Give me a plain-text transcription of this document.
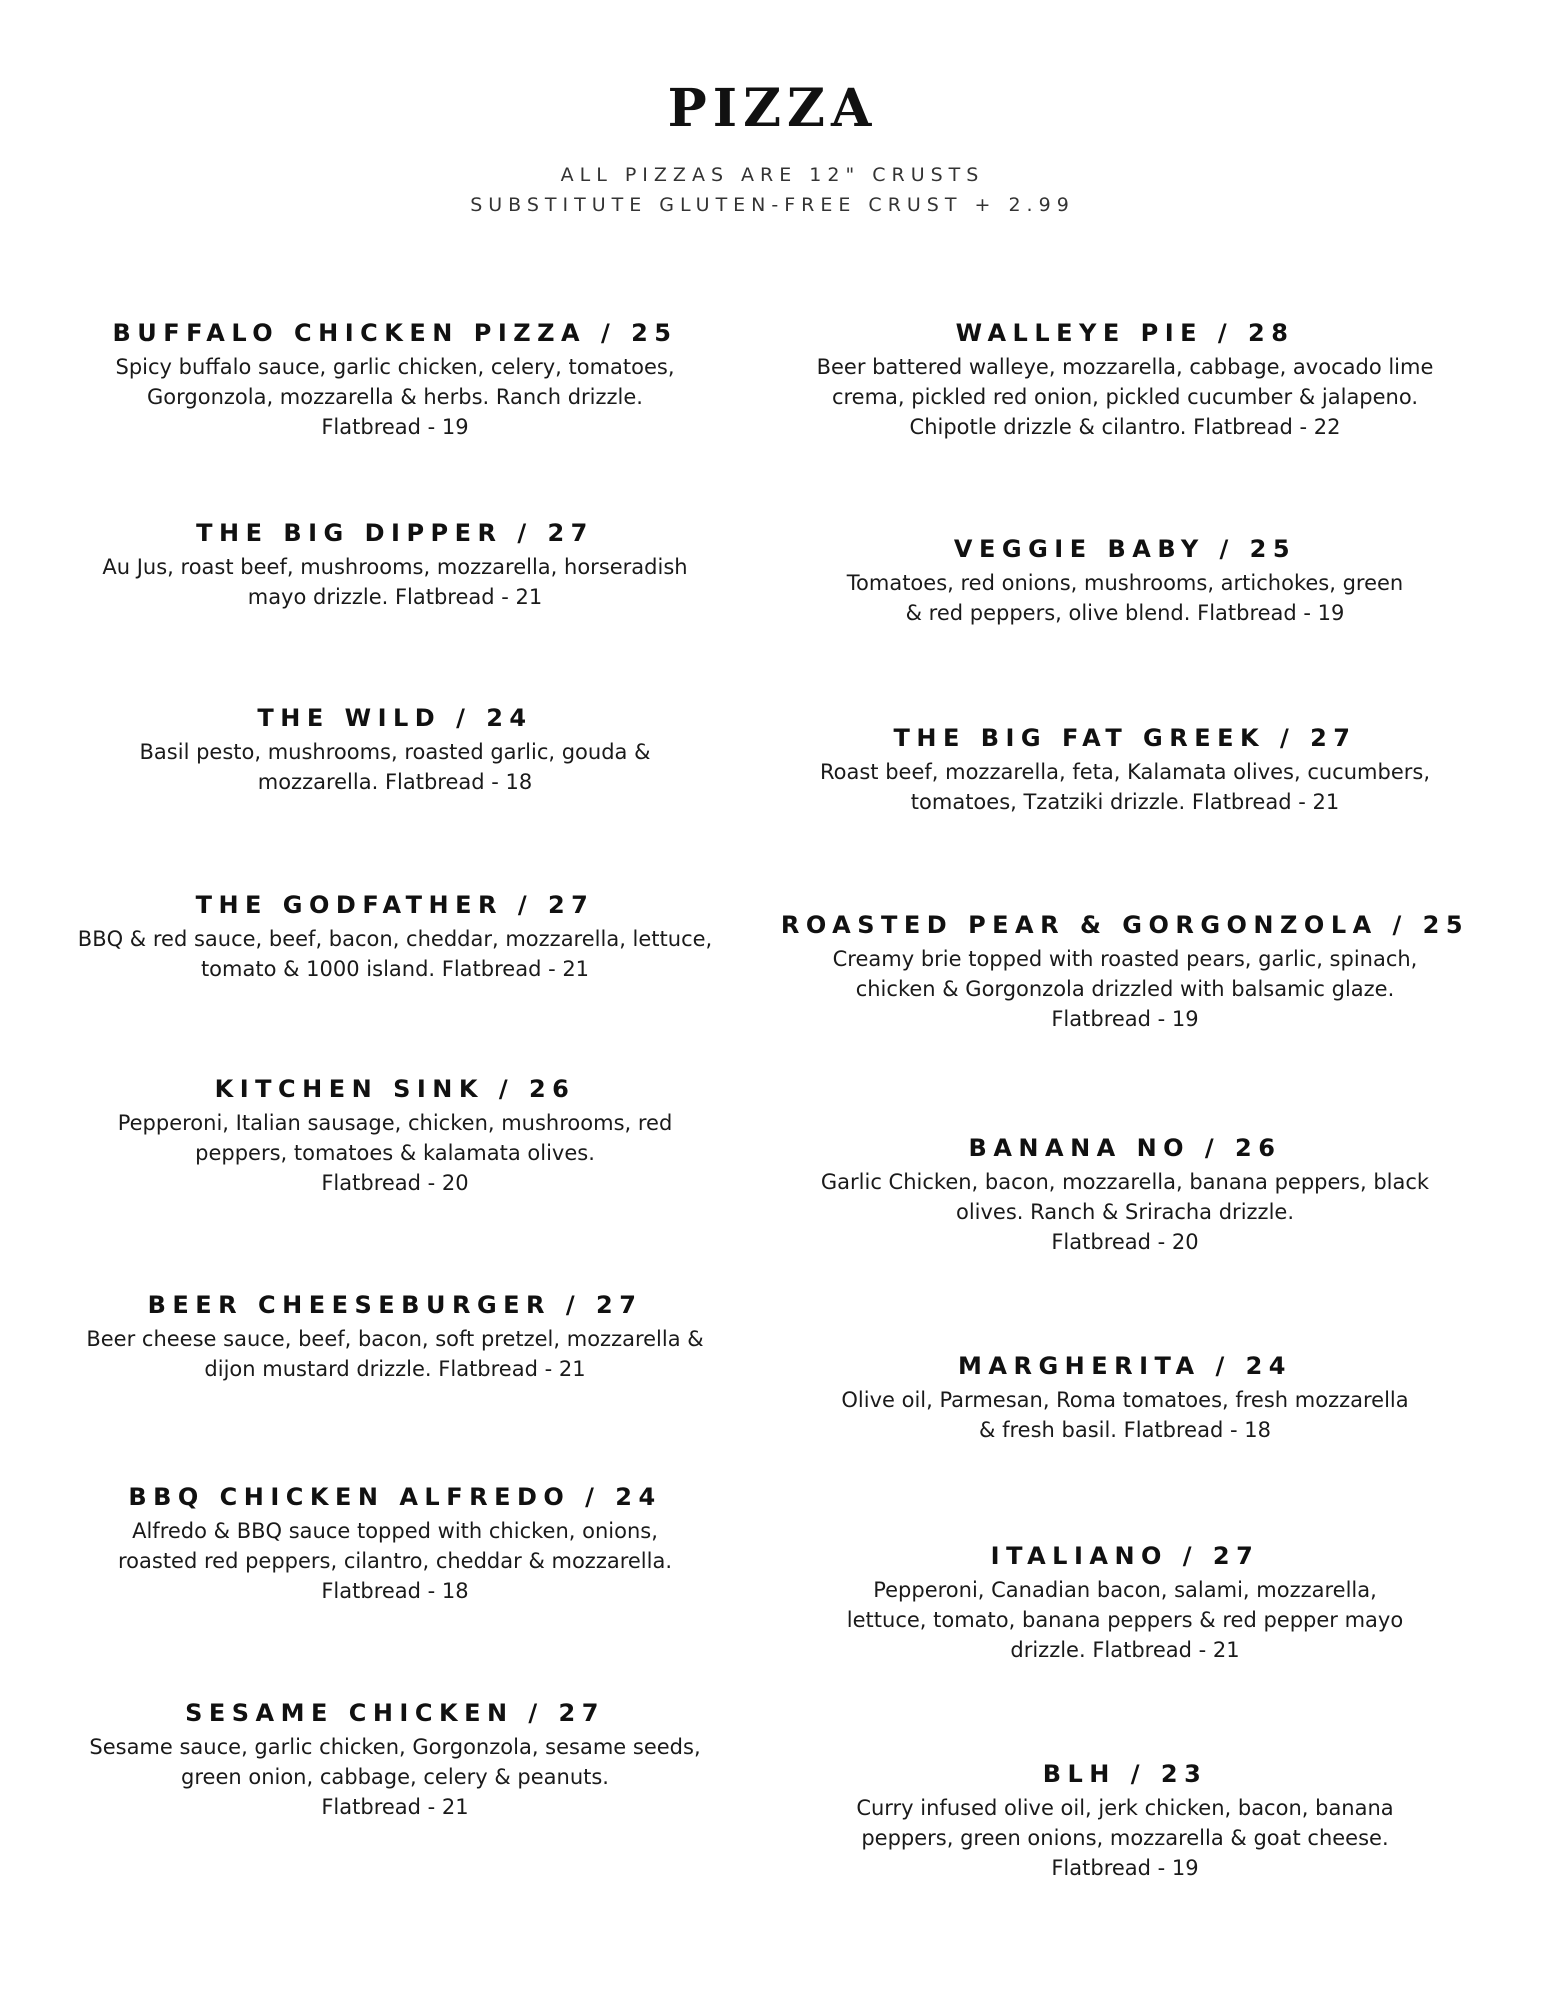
PIZZA
ALL PIZZAS ARE 12" CRUSTS
SUBSTITUTE GLUTEN-FREE CRUST + 2.99
BUFFALO CHICKEN PIZZA / 25
Spicy buffalo sauce, garlic chicken, celery, tomatoes,
Gorgonzola, mozzarella & herbs. Ranch drizzle.
Flatbread - 19
THE BIG DIPPER / 27
Au Jus, roast beef, mushrooms, mozzarella, horseradish
mayo drizzle. Flatbread - 21
THE WILD / 24
Basil pesto, mushrooms, roasted garlic, gouda &
mozzarella. Flatbread - 18
THE GODFATHER / 27
BBQ & red sauce, beef, bacon, cheddar, mozzarella, lettuce,
tomato & 1000 island. Flatbread - 21
KITCHEN SINK / 26
Pepperoni, Italian sausage, chicken, mushrooms, red
peppers, tomatoes & kalamata olives.
Flatbread - 20
BEER CHEESEBURGER / 27
Beer cheese sauce, beef, bacon, soft pretzel, mozzarella &
dijon mustard drizzle. Flatbread - 21
BBQ CHICKEN ALFREDO / 24
Alfredo & BBQ sauce topped with chicken, onions,
roasted red peppers, cilantro, cheddar & mozzarella.
Flatbread - 18
SESAME CHICKEN / 27
Sesame sauce, garlic chicken, Gorgonzola, sesame seeds,
green onion, cabbage, celery & peanuts.
Flatbread - 21
WALLEYE PIE / 28
Beer battered walleye, mozzarella, cabbage, avocado lime
crema, pickled red onion, pickled cucumber & jalapeno.
Chipotle drizzle & cilantro. Flatbread - 22
VEGGIE BABY / 25
Tomatoes, red onions, mushrooms, artichokes, green
& red peppers, olive blend. Flatbread - 19
THE BIG FAT GREEK / 27
Roast beef, mozzarella, feta, Kalamata olives, cucumbers,
tomatoes, Tzatziki drizzle. Flatbread - 21
ROASTED PEAR & GORGONZOLA / 25
Creamy brie topped with roasted pears, garlic, spinach,
chicken & Gorgonzola drizzled with balsamic glaze.
Flatbread - 19
BANANA NO / 26
Garlic Chicken, bacon, mozzarella, banana peppers, black
olives. Ranch & Sriracha drizzle.
Flatbread - 20
MARGHERITA / 24
Olive oil, Parmesan, Roma tomatoes, fresh mozzarella
& fresh basil. Flatbread - 18
ITALIANO / 27
Pepperoni, Canadian bacon, salami, mozzarella,
lettuce, tomato, banana peppers & red pepper mayo
drizzle. Flatbread - 21
BLH / 23
Curry infused olive oil, jerk chicken, bacon, banana
peppers, green onions, mozzarella & goat cheese.
Flatbread - 19
